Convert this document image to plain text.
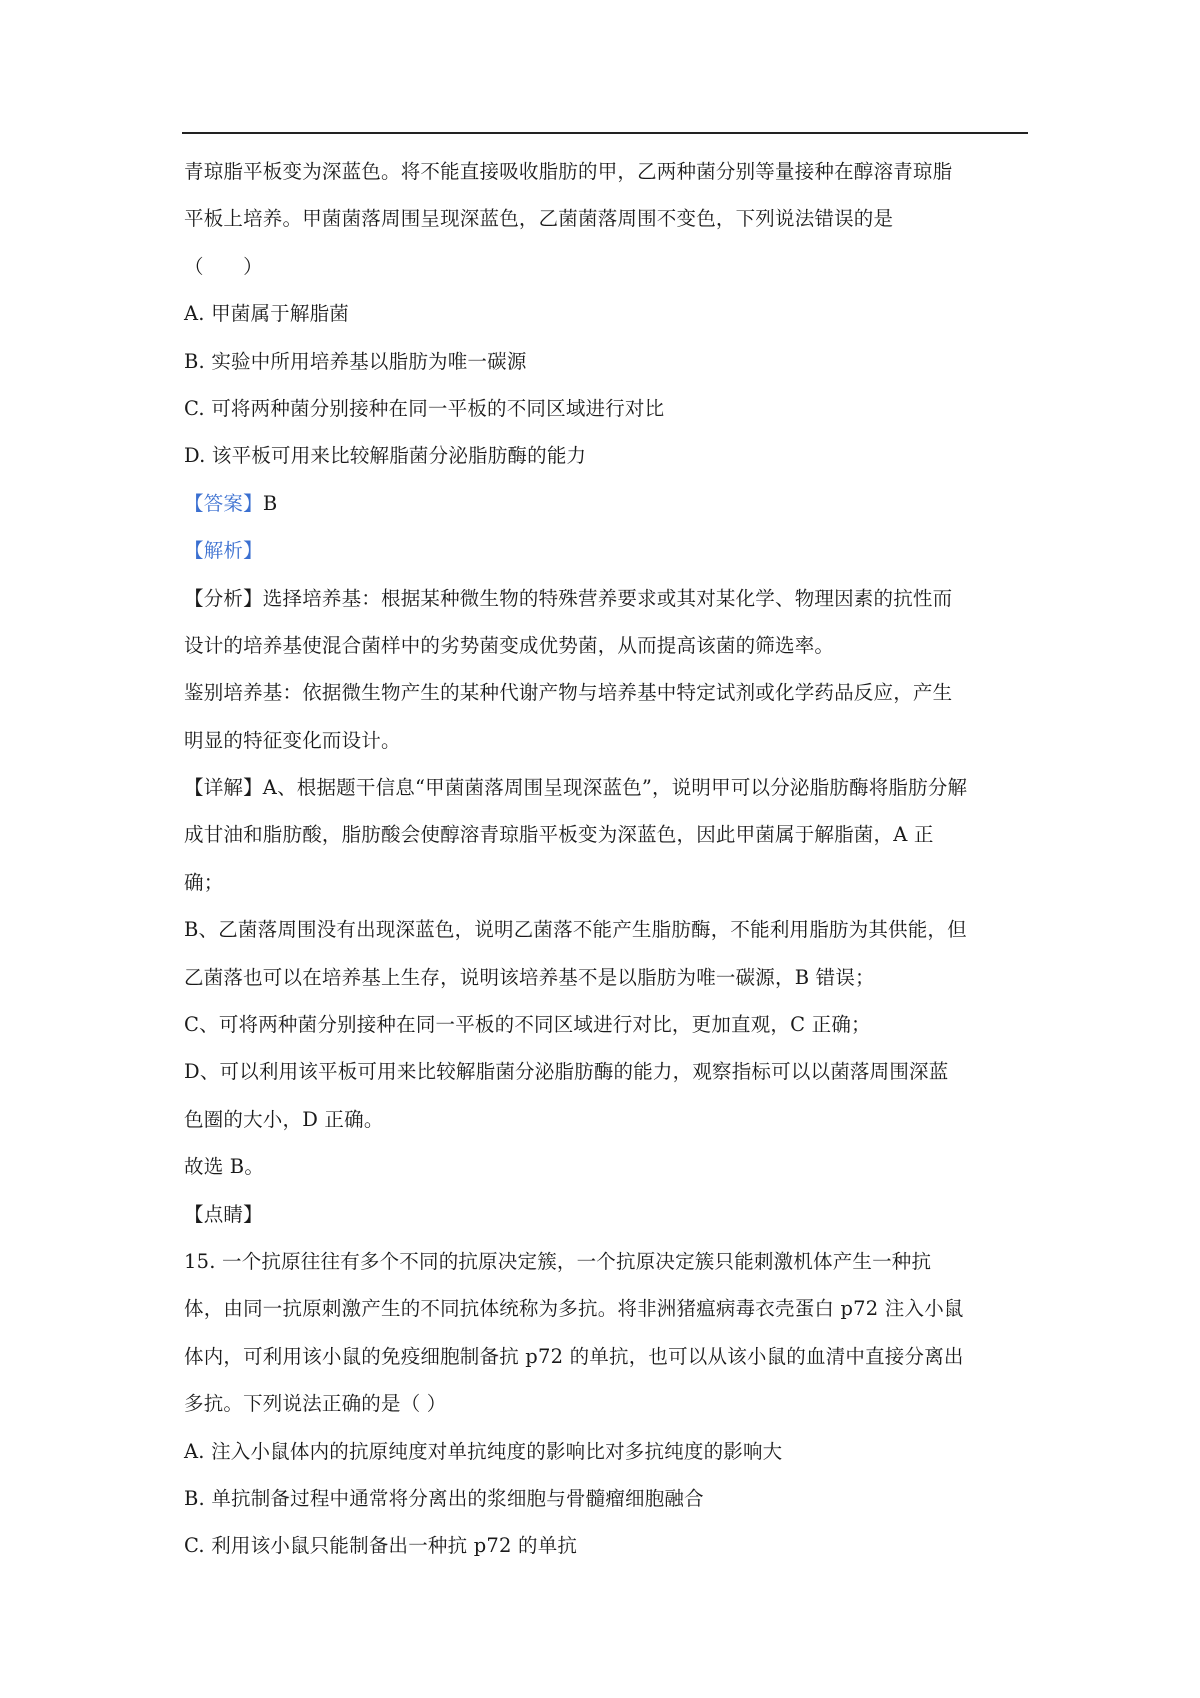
青琼脂平板变为深蓝色。将不能直接吸收脂肪的甲，乙两种菌分别等量接种在醇溶青琼脂
平板上培养。甲菌菌落周围呈现深蓝色，乙菌菌落周围不变色，下列说法错误的是
（　　）
A. 甲菌属于解脂菌
B. 实验中所用培养基以脂肪为唯一碳源
C. 可将两种菌分别接种在同一平板的不同区域进行对比
D. 该平板可用来比较解脂菌分泌脂肪酶的能力
【答案】B
【解析】
【分析】选择培养基：根据某种微生物的特殊营养要求或其对某化学、物理因素的抗性而
设计的培养基使混合菌样中的劣势菌变成优势菌，从而提高该菌的筛选率。
鉴别培养基：依据微生物产生的某种代谢产物与培养基中特定试剂或化学药品反应，产生
明显的特征变化而设计。
【详解】A、根据题干信息“甲菌菌落周围呈现深蓝色”，说明甲可以分泌脂肪酶将脂肪分解
成甘油和脂肪酸，脂肪酸会使醇溶青琼脂平板变为深蓝色，因此甲菌属于解脂菌，A 正
确；
B、乙菌落周围没有出现深蓝色，说明乙菌落不能产生脂肪酶，不能利用脂肪为其供能，但
乙菌落也可以在培养基上生存，说明该培养基不是以脂肪为唯一碳源，B 错误；
C、可将两种菌分别接种在同一平板的不同区域进行对比，更加直观，C 正确；
D、可以利用该平板可用来比较解脂菌分泌脂肪酶的能力，观察指标可以以菌落周围深蓝
色圈的大小，D 正确。
故选 B。
【点睛】
15. 一个抗原往往有多个不同的抗原决定簇，一个抗原决定簇只能刺激机体产生一种抗
体，由同一抗原刺激产生的不同抗体统称为多抗。将非洲猪瘟病毒衣壳蛋白 p72 注入小鼠
体内，可利用该小鼠的免疫细胞制备抗 p72 的单抗，也可以从该小鼠的血清中直接分离出
多抗。下列说法正确的是（ ）
A. 注入小鼠体内的抗原纯度对单抗纯度的影响比对多抗纯度的影响大
B. 单抗制备过程中通常将分离出的浆细胞与骨髓瘤细胞融合
C. 利用该小鼠只能制备出一种抗 p72 的单抗
